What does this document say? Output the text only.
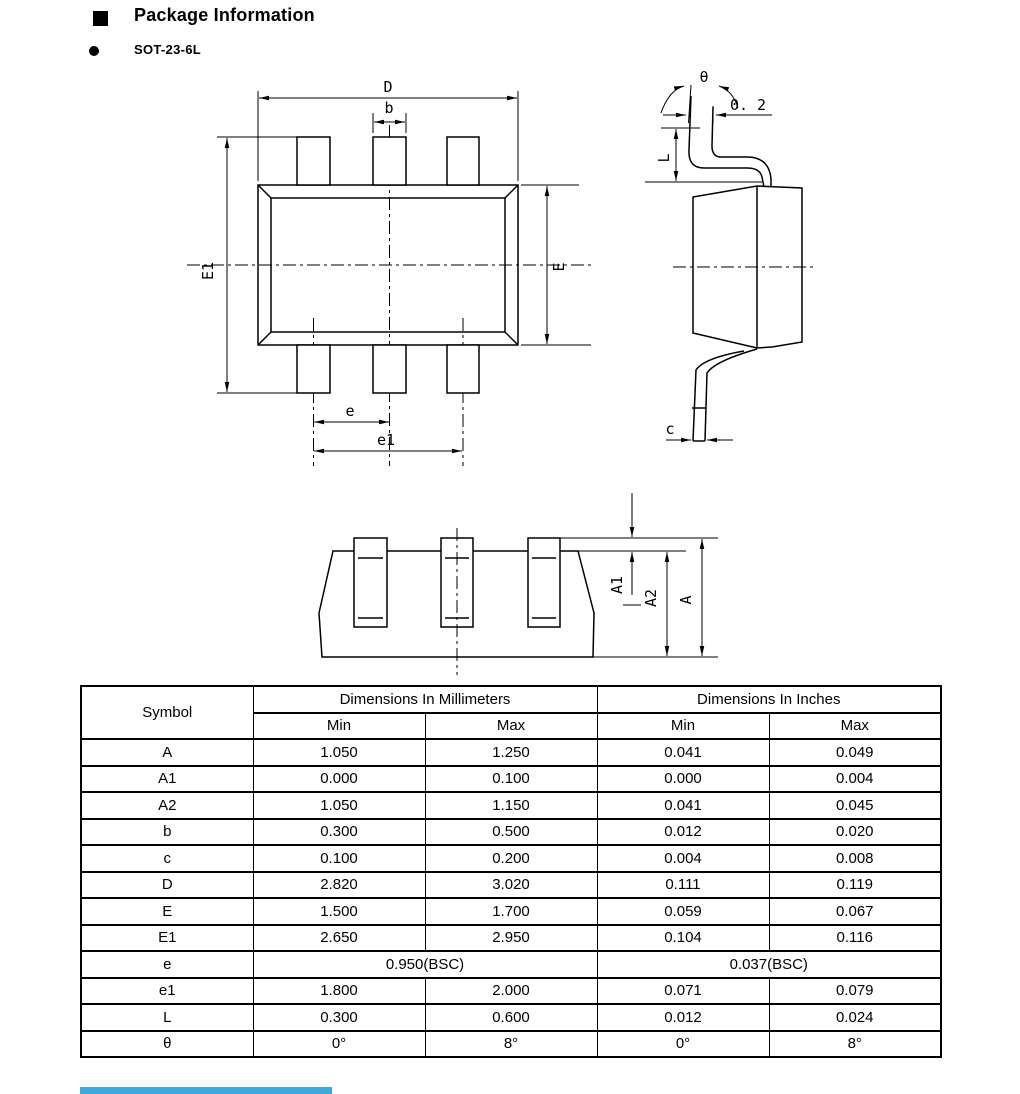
Package Information
SOT-23-6L
D
b
E1	E
e
e1
θ
0. 2
L
c
A1
A2 A
Symbol	Dimensions In Millimeters		Dimensions In Inches	
	Min	Max	Min	Max
A	1.050	1.250	0.041	0.049
A1	0.000	0.100	0.000	0.004
A2	1.050	1.150	0.041	0.045
b	0.300	0.500	0.012	0.020
c	0.100	0.200	0.004	0.008
D	2.820	3.020	0.111	0.119
E	1.500	1.700	0.059	0.067
E1	2.650	2.950	0.104	0.116
e	0.950(BSC)		0.037(BSC)	
e1	1.800	2.000	0.071	0.079
L	0.300	0.600	0.012	0.024
θ	0°	8°	0°	8°
